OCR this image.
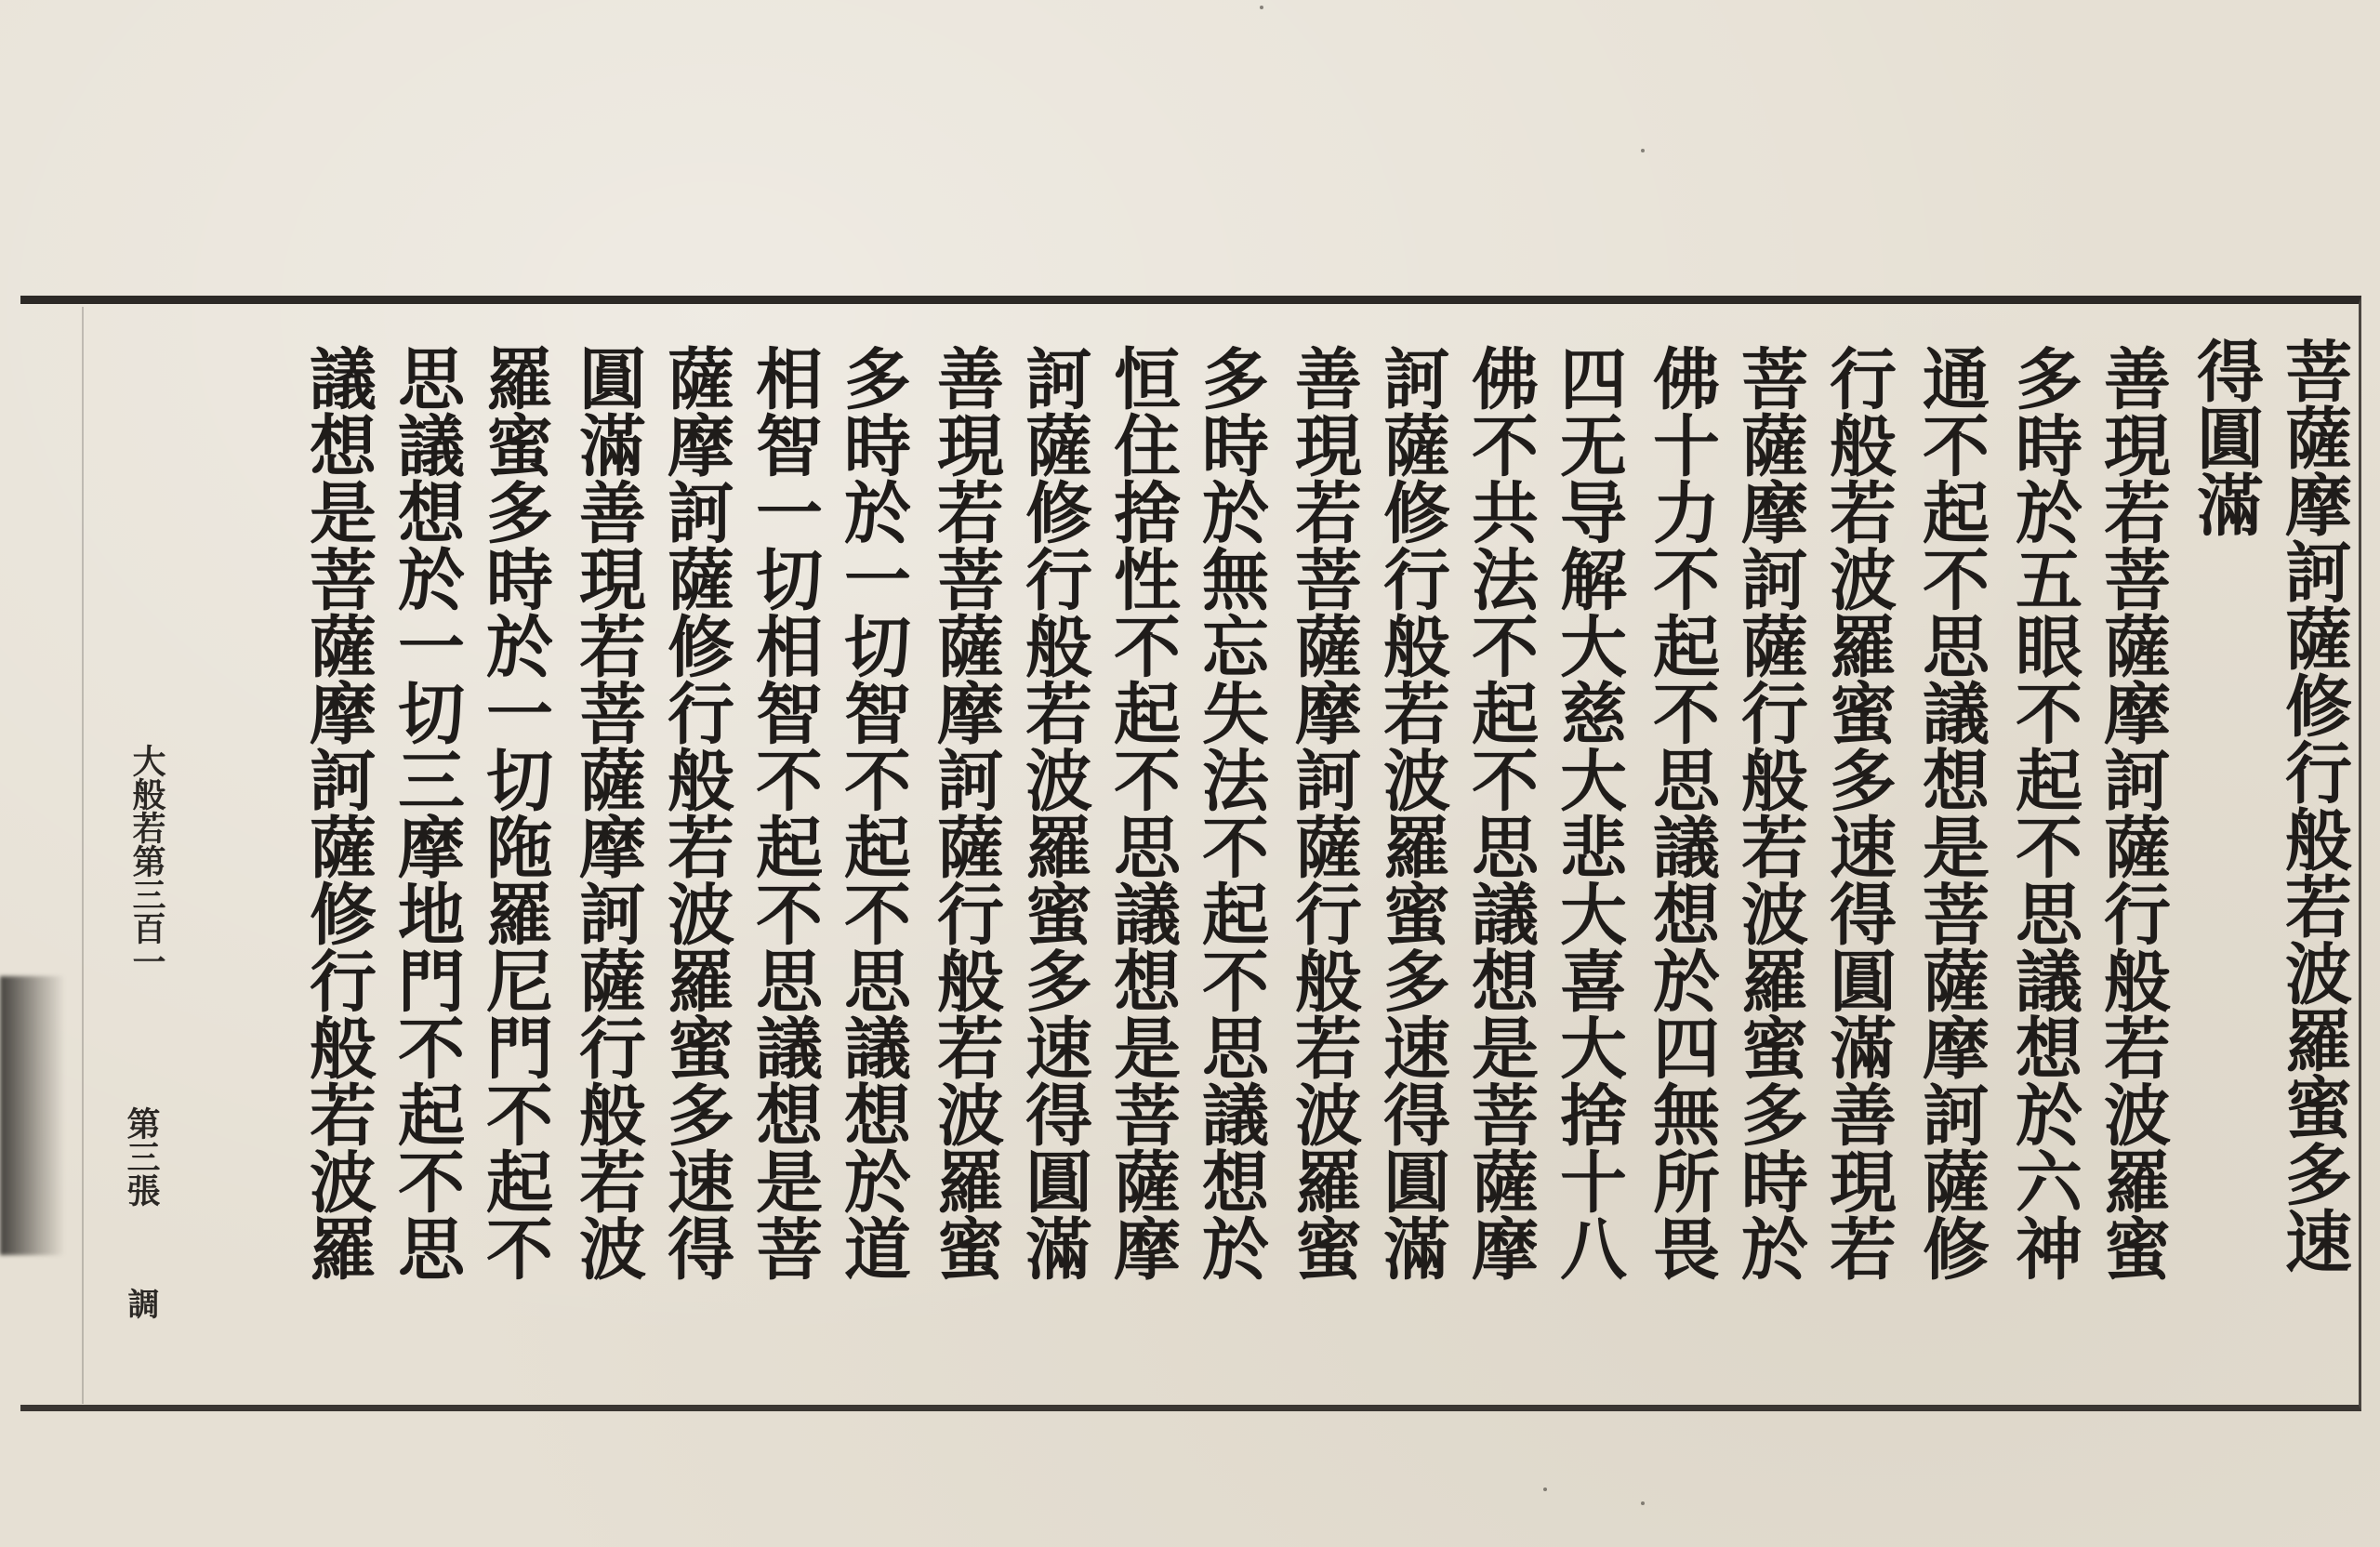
菩薩摩訶薩修行般若波羅蜜多速
得圓滿
善現若菩薩摩訶薩行般若波羅蜜
多時於五眼不起不思議想於六神
通不起不思議想是菩薩摩訶薩修
行般若波羅蜜多速得圓滿善現若
菩薩摩訶薩行般若波羅蜜多時於
佛十力不起不思議想於四無所畏
四无导解大慈大悲大喜大捨十八
佛不共法不起不思議想是菩薩摩
訶薩修行般若波羅蜜多速得圓滿
善現若菩薩摩訶薩行般若波羅蜜
多時於無忘失法不起不思議想於
恒住捨性不起不思議想是菩薩摩
訶薩修行般若波羅蜜多速得圓滿
善現若菩薩摩訶薩行般若波羅蜜
多時於一切智不起不思議想於道
相智一切相智不起不思議想是菩
薩摩訶薩修行般若波羅蜜多速得
圓滿善現若菩薩摩訶薩行般若波
羅蜜多時於一切陁羅尼門不起不
思議想於一切三摩地門不起不思
議想是菩薩摩訶薩修行般若波羅
大般若第三百一
第三張
調
